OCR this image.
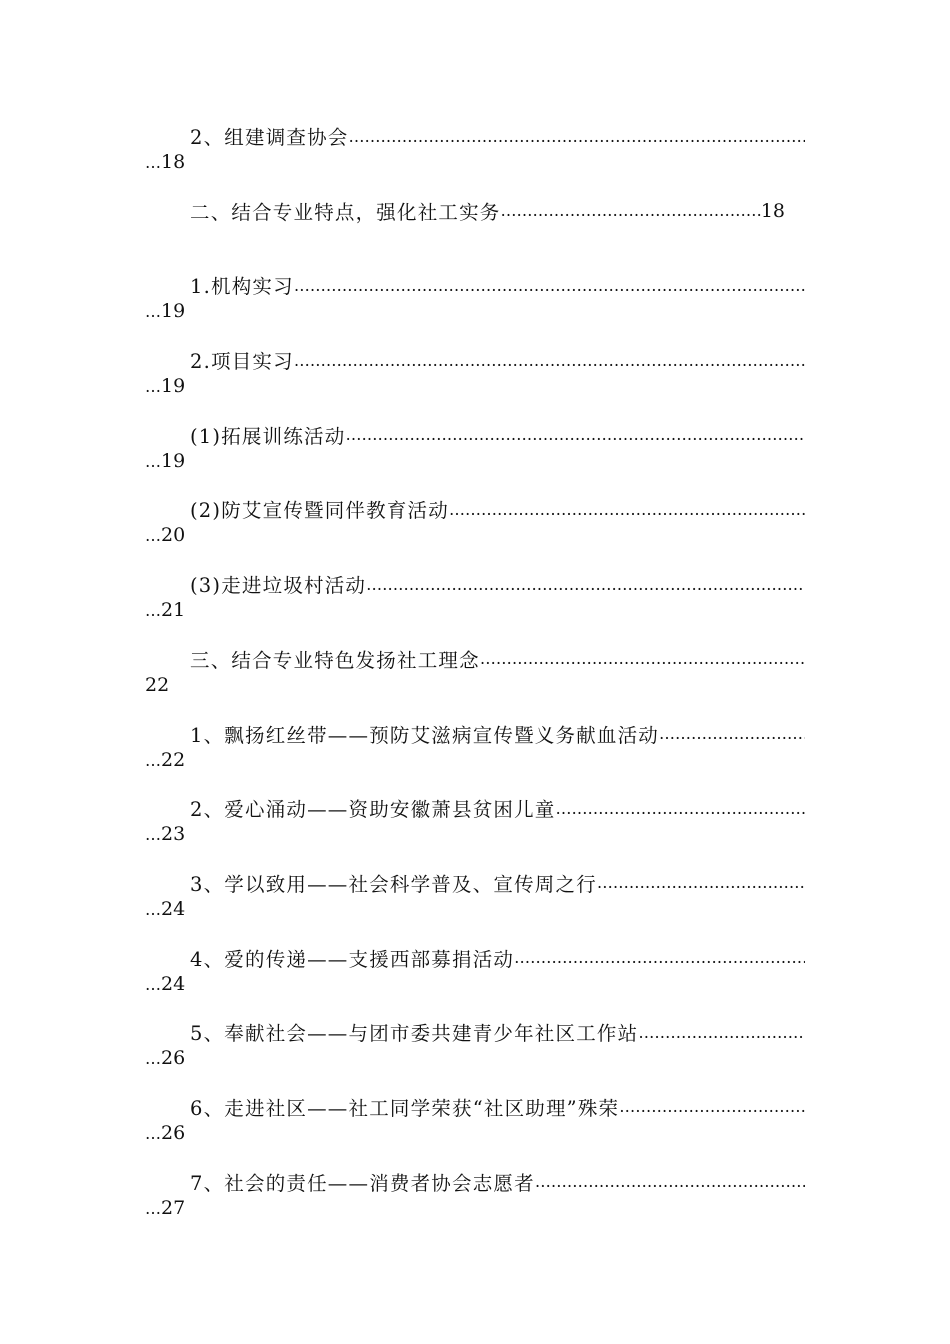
2、组建调查协会
………………………………………………………………………………………………………………………………………………………………
…18
二、结合专业特点，强化社工实务 ………………………………………………………………………………………………………………………………………………………………	18
1.机构实习
………………………………………………………………………………………………………………………………………………………………
…19
2.项目实习
………………………………………………………………………………………………………………………………………………………………
…19
(1)拓展训练活动
………………………………………………………………………………………………………………………………………………………………
…19
(2)防艾宣传暨同伴教育活动
………………………………………………………………………………………………………………………………………………………………
…20
(3)走进垃圾村活动
………………………………………………………………………………………………………………………………………………………………
…21
三、结合专业特色发扬社工理念
………………………………………………………………………………………………………………………………………………………………
22
1、飘扬红丝带——预防艾滋病宣传暨义务献血活动
………………………………………………………………………………………………………………………………………………………………
…22
2、爱心涌动——资助安徽萧县贫困儿童
………………………………………………………………………………………………………………………………………………………………
…23
3、学以致用——社会科学普及、宣传周之行
………………………………………………………………………………………………………………………………………………………………
…24
4、爱的传递——支援西部募捐活动
………………………………………………………………………………………………………………………………………………………………
…24
5、奉献社会——与团市委共建青少年社区工作站
………………………………………………………………………………………………………………………………………………………………
…26
6、走进社区——社工同学荣获“社区助理”殊荣
………………………………………………………………………………………………………………………………………………………………
…26
7、社会的责任——消费者协会志愿者
………………………………………………………………………………………………………………………………………………………………
…27
